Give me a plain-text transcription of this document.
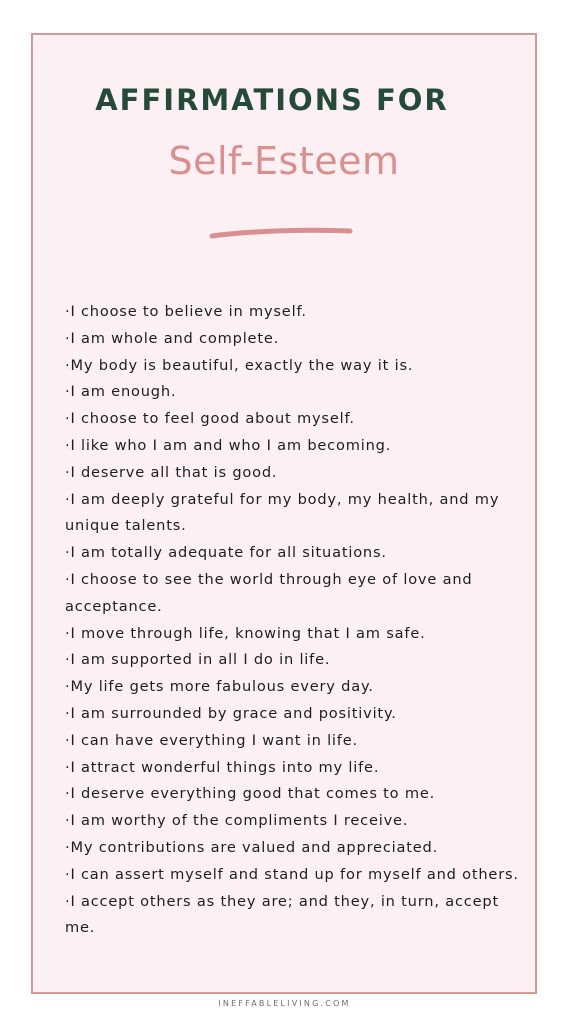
AFFIRMATIONS FOR
Self-Esteem
·I choose to believe in myself.
·I am whole and complete.
·My body is beautiful, exactly the way it is.
·I am enough.
·I choose to feel good about myself.
·I like who I am and who I am becoming.
·I deserve all that is good.
·I am deeply grateful for my body, my health, and my unique talents.
·I am totally adequate for all situations.
·I choose to see the world through eye of love and acceptance.
·I move through life, knowing that I am safe.
·I am supported in all I do in life.
·My life gets more fabulous every day.
·I am surrounded by grace and positivity.
·I can have everything I want in life.
·I attract wonderful things into my life.
·I deserve everything good that comes to me.
·I am worthy of the compliments I receive.
·My contributions are valued and appreciated.
·I can assert myself and stand up for myself and others.
·I accept others as they are; and they, in turn, accept me.
INEFFABLELIVING.COM
